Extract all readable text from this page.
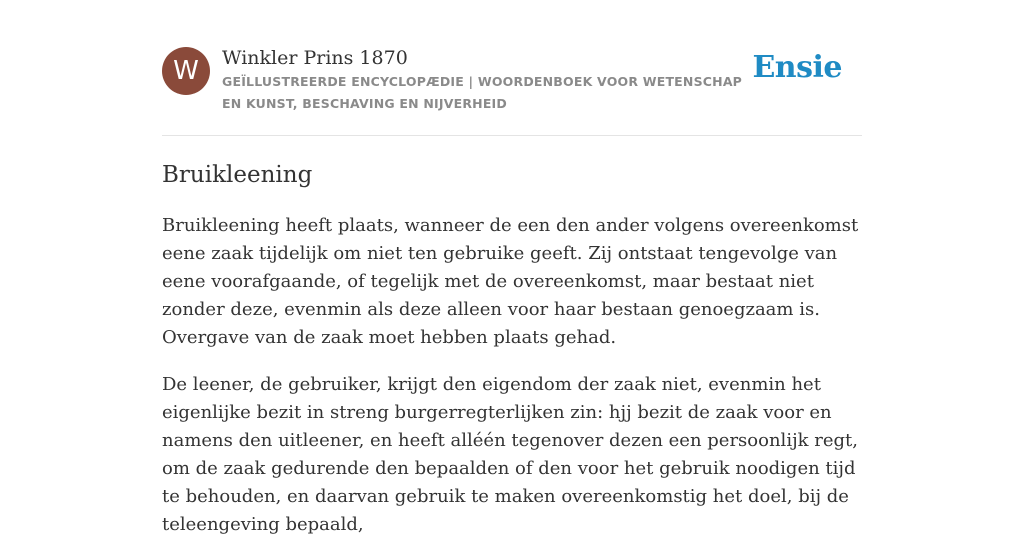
W	Winkler Prins 1870
GEÏLLUSTREERDE ENCYCLOPÆDIE | WOORDENBOEK VOOR WETENSCHAP EN KUNST, BESCHAVING EN NIJVERHEID
Ensie
Bruikleening

Bruikleening heeft plaats, wanneer de een den ander volgens overeenkomst eene zaak tijdelijk om niet ten gebruike geeft. Zij ontstaat tengevolge van eene voorafgaande, of tegelijk met de overeenkomst, maar bestaat niet zonder deze, evenmin als deze alleen voor haar bestaan genoegzaam is. Overgave van de zaak moet hebben plaats gehad.

De leener, de gebruiker, krijgt den eigendom der zaak niet, evenmin het eigenlijke bezit in streng burgerregterlijken zin: hjj bezit de zaak voor en namens den uitleener, en heeft alléén tegenover dezen een persoonlijk regt, om de zaak gedurende den bepaalden of den voor het gebruik noodigen tijd te behouden, en daarvan gebruik te maken overeenkomstig het doel, bij de teleengeving bepaald,
